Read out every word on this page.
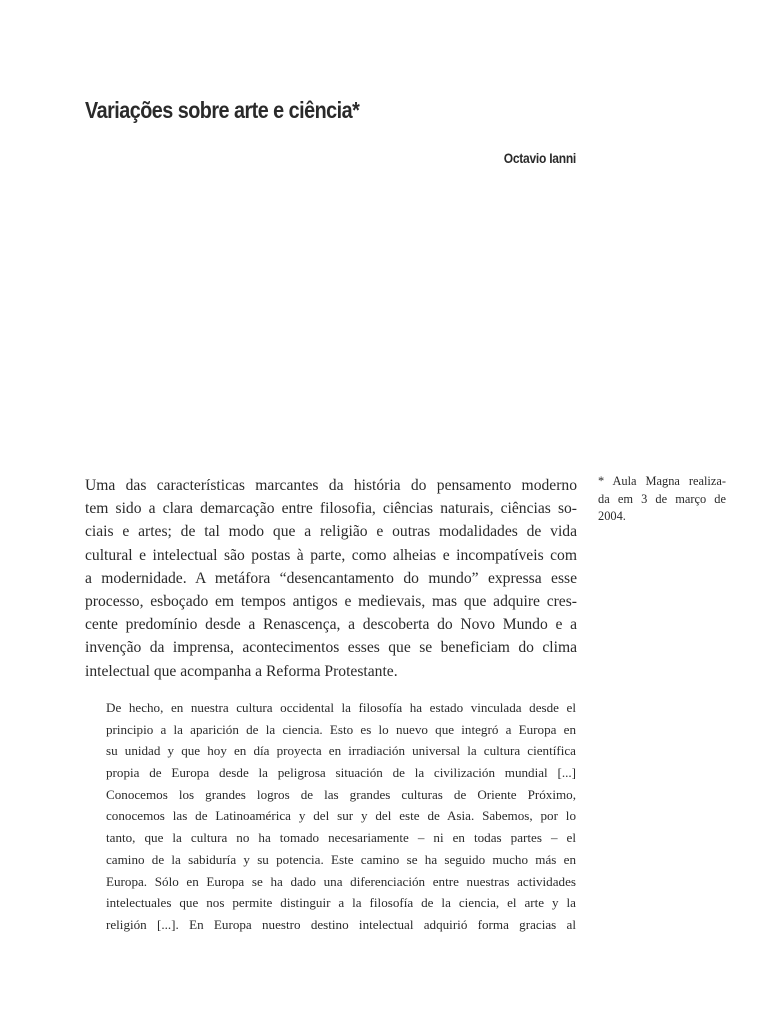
Variações sobre arte e ciência*
Octavio Ianni
Uma das características marcantes da história do pensamento moderno
tem sido a clara demarcação entre filosofia, ciências naturais, ciências so-
ciais e artes; de tal modo que a religião e outras modalidades de vida
cultural e intelectual são postas à parte, como alheias e incompatíveis com
a modernidade. A metáfora “desencantamento do mundo” expressa esse
processo, esboçado em tempos antigos e medievais, mas que adquire cres-
cente predomínio desde a Renascença, a descoberta do Novo Mundo e a
invenção da imprensa, acontecimentos esses que se beneficiam do clima
intelectual que acompanha a Reforma Protestante.
* Aula Magna realiza-
da em 3 de março de
2004.
De hecho, en nuestra cultura occidental la filosofía ha estado vinculada desde el
principio a la aparición de la ciencia. Esto es lo nuevo que integró a Europa en
su unidad y que hoy en día proyecta en irradiación universal la cultura científica
propia de Europa desde la peligrosa situación de la civilización mundial [...]
Conocemos los grandes logros de las grandes culturas de Oriente Próximo,
conocemos las de Latinoamérica y del sur y del este de Asia. Sabemos, por lo
tanto, que la cultura no ha tomado necesariamente – ni en todas partes – el
camino de la sabiduría y su potencia. Este camino se ha seguido mucho más en
Europa. Sólo en Europa se ha dado una diferenciación entre nuestras actividades
intelectuales que nos permite distinguir a la filosofía de la ciencia, el arte y la
religión [...]. En Europa nuestro destino intelectual adquirió forma gracias al
